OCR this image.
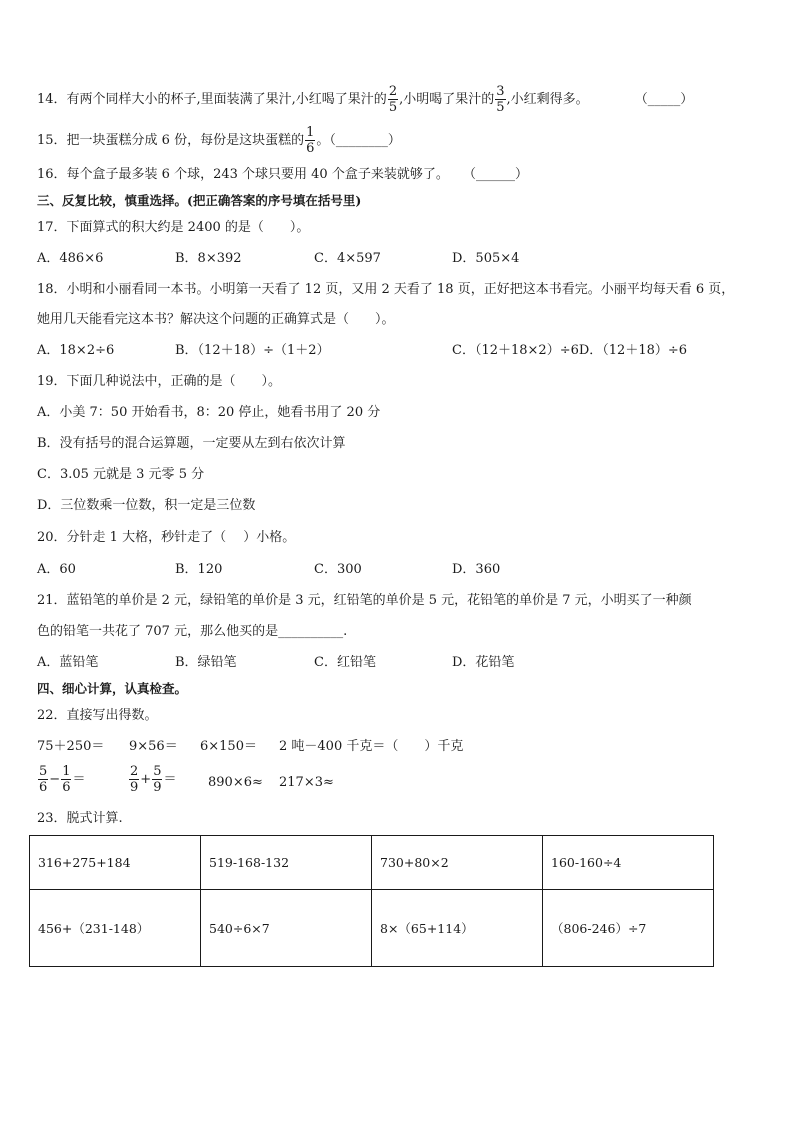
14．有两个同样大小的杯子,里面装满了果汁,小红喝了果汁的 $\frac{2}{5}$ ,小明喝了果汁的 $\frac{3}{5}$ ,小红剩得多。	（_____）
15．把一块蛋糕分成 6 份，每份是这块蛋糕的 $\frac{1}{6}$ 。（________）
16．每个盒子最多装 6 个球，243 个球只要用 40 个盒子来装就够了。 （______）
三、反复比较，慎重选择。(把正确答案的序号填在括号里)
17．下面算式的积大约是 2400 的是（　　）。
A．486×6	B．8×392	C．4×597	D．505×4
18．小明和小丽看同一本书。小明第一天看了 12 页，又用 2 天看了 18 页，正好把这本书看完。小丽平均每天看 6 页，
她用几天能看完这本书？解决这个问题的正确算式是（　　）。
A．18×2÷6	B．（12＋18）÷（1＋2）	C．（12＋18×2）÷6D．（12＋18）÷6
19．下面几种说法中，正确的是（　　）。
A．小美 7：50 开始看书，8：20 停止，她看书用了 20 分
B．没有括号的混合运算题，一定要从左到右依次计算
C．3.05 元就是 3 元零 5 分
D．三位数乘一位数，积一定是三位数
20．分针走 1 大格，秒针走了（　 ）小格。
A．60	B．120	C．300	D．360
21．蓝铅笔的单价是 2 元，绿铅笔的单价是 3 元，红铅笔的单价是 5 元，花铅笔的单价是 7 元，小明买了一种颜
色的铅笔一共花了 707 元，那么他买的是__________.
A．蓝铅笔	B．绿铅笔	C．红铅笔	D．花铅笔
四、细心计算，认真检查。
22．直接写出得数。
75＋250＝ 9×56＝ 6×150＝ 2 吨－400 千克＝（　　）千克
$\frac{5}{6} - \frac{1}{6}$ ＝	$\frac{2}{9} + \frac{5}{9} = 890\times 6\approx 217\times 3\approx$
23．脱式计算.
316+275+184	519-168-132	730+80×2	160-160÷4
456+（231-148）	540÷6×7	8×（65+114）	（806-246）÷7
